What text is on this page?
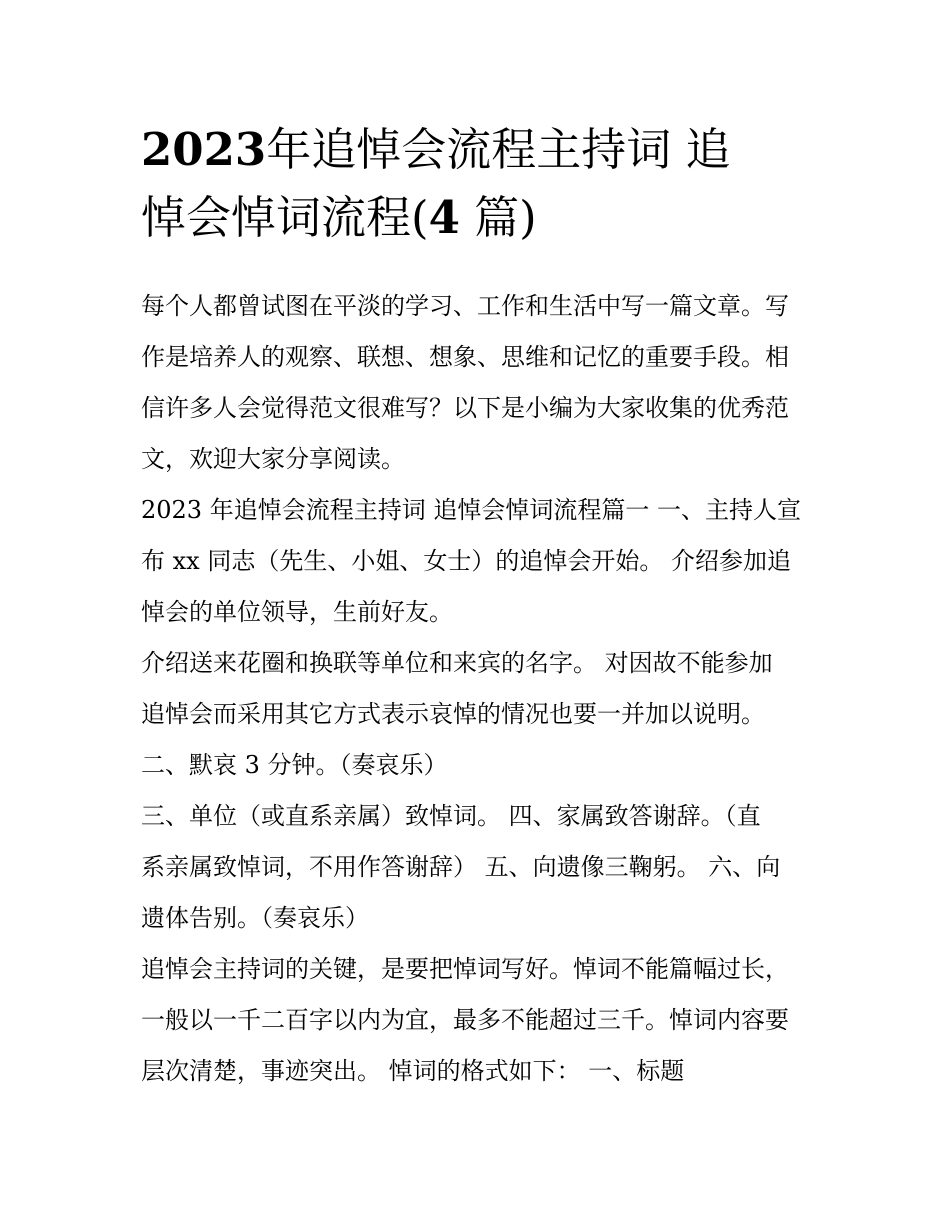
2023年追悼会流程主持词 追
悼会悼词流程(4 篇)

每个人都曾试图在平淡的学习、工作和生活中写一篇文章。写
作是培养人的观察、联想、想象、思维和记忆的重要手段。相
信许多人会觉得范文很难写？以下是小编为大家收集的优秀范
文，欢迎大家分享阅读。

2023 年追悼会流程主持词 追悼会悼词流程篇一 一、主持人宣
布 xx 同志（先生、小姐、女士）的追悼会开始。 介绍参加追
悼会的单位领导，生前好友。

介绍送来花圈和换联等单位和来宾的名字。 对因故不能参加
追悼会而采用其它方式表示哀悼的情况也要一并加以说明。

二、默哀 3 分钟。（奏哀乐）

三、单位（或直系亲属）致悼词。 四、家属致答谢辞。（直
系亲属致悼词，不用作答谢辞） 五、向遗像三鞠躬。 六、向
遗体告别。（奏哀乐）

追悼会主持词的关键，是要把悼词写好。悼词不能篇幅过长，
一般以一千二百字以内为宜，最多不能超过三千。悼词内容要
层次清楚，事迹突出。 悼词的格式如下： 一、标题
